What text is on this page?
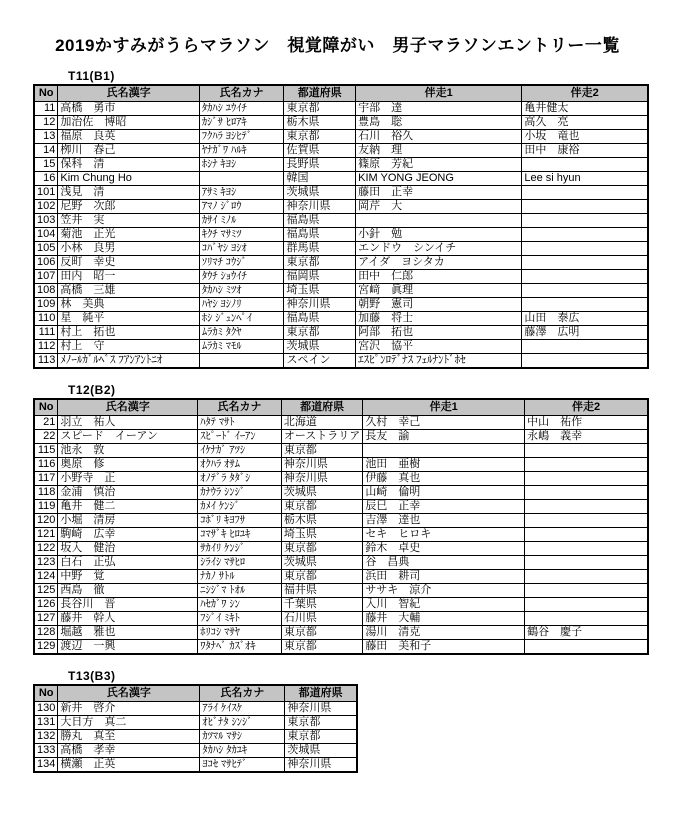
2019かすみがうらマラソン　視覚障がい　男子マラソンエントリー一覧
T11(B1)
No	氏名漢字	氏名カナ	都道府県	伴走1	伴走2
11	高橋　勇市	ﾀｶﾊｼ ﾕｳｲﾁ	東京都	宇部　達	亀井健太
12	加治佐　博昭	ｶｼﾞｻ ﾋﾛｱｷ	栃木県	豊島　聡	高久　亮
13	福原　良英	ﾌｸﾊﾗ ﾖｼﾋﾃﾞ	東京都	石川　裕久	小坂　竜也
14	栁川　春己	ﾔﾅｶﾞﾜ ﾊﾙｷ	佐賀県	友納　理	田中　康裕
15	保科　清	ﾎｼﾅ ｷﾖｼ	長野県	篠原　芳紀	
16	Kim Chung Ho		韓国	KIM YONG JEONG	Lee si hyun
101	浅見　清	ｱｻﾐ ｷﾖｼ	茨城県	藤田　正幸	
102	尼野　次郎	ｱﾏﾉ ｼﾞﾛｳ	神奈川県	岡芹　大	
103	笠井　実	ｶｻｲ ﾐﾉﾙ	福島県		
104	菊池　正光	ｷｸﾁ ﾏｻﾐﾂ	福島県	小針　勉	
105	小林　良男	ｺﾊﾞﾔｼ ﾖｼｵ	群馬県	エンドウ　シンイチ	
106	反町　幸史	ｿﾘﾏﾁ ｺｳｼﾞ	東京都	アイダ　ヨシタカ	
107	田内　昭一	ﾀｳﾁ ｼｮｳｲﾁ	福岡県	田中　仁郎	
108	高橋　三雄	ﾀｶﾊｼ ﾐﾂｵ	埼玉県	宮﨑　眞理	
109	林　美典	ﾊﾔｼ ﾖｼﾉﾘ	神奈川県	朝野　憲司	
110	星　純平	ﾎｼ ｼﾞｭﾝﾍﾟｲ	福島県	加藤　将士	山田　泰広
111	村上　拓也	ﾑﾗｶﾐ ﾀｸﾔ	東京都	阿部　拓也	藤澤　広明
112	村上　守	ﾑﾗｶﾐ ﾏﾓﾙ	茨城県	宮沢　協平	
113	ﾒﾉｰﾙｶﾞﾙﾍﾞｽ ﾌｱﾝｱﾝﾄﾆｵ		スペイン	ｴｽﾋﾟﾝﾛﾃﾞﾅｽ ﾌｪﾙﾅﾝﾄﾞﾎｾ	
T12(B2)
No	氏名漢字	氏名カナ	都道府県	伴走1	伴走2
21	羽立　祐人	ﾊﾀﾃ ﾏｻﾄ	北海道	久村　幸己	中山　祐作
22	スピード　イーアン	ｽﾋﾟｰﾄﾞ ｲｰｱﾝ	オーストラリア	長友　諭	永嶋　義幸
115	池永　敦	ｲｹﾅｶﾞ ｱﾂｼ	東京都		
116	奥原　修	ｵｸﾊﾗ ｵｻﾑ	神奈川県	池田　亜樹	
117	小野寺　正	ｵﾉﾃﾞﾗ ﾀﾀﾞｼ	神奈川県	伊藤　真也	
118	金浦　慎治	ｶﾅｳﾗ ｼﾝｼﾞ	茨城県	山崎　倫明	
119	亀井　健二	ｶﾒｲ ｹﾝｼﾞ	東京都	辰巳　正幸	
120	小堀　清房	ｺﾎﾞﾘ ｷﾖﾌｻ	栃木県	吉澤　達也	
121	駒崎　広幸	ｺﾏｻﾞｷ ﾋﾛﾕｷ	埼玉県	セキ　ヒロキ	
122	坂入　健治	ｻｶｲﾘ ｹﾝｼﾞ	東京都	鈴木　卓史	
123	白石　正弘	ｼﾗｲｼ ﾏｻﾋﾛ	茨城県	谷　昌典	
124	中野　覚	ﾅｶﾉ ｻﾄﾙ	東京都	浜田　耕司	
125	西島　徹	ﾆｼｼﾞﾏ ﾄｵﾙ	福井県	ササキ　涼介	
126	長谷川　晋	ﾊｾｶﾞﾜ ｼﾝ	千葉県	入川　智紀	
127	藤井　幹人	ﾌｼﾞｲ ﾐｷﾄ	石川県	藤井　大輔	
128	堀越　雅也	ﾎﾘｺｼ ﾏｻﾔ	東京都	湯川　清克	鶴谷　慶子
129	渡辺　一興	ﾜﾀﾅﾍﾞ ｶｽﾞｵｷ	東京都	藤田　美和子	
T13(B3)
No	氏名漢字	氏名カナ	都道府県
130	新井　啓介	ｱﾗｲ ｹｲｽｹ	神奈川県
131	大日方　真二	ｵﾋﾞﾅﾀ ｼﾝｼﾞ	東京都
132	勝丸　真至	ｶﾂﾏﾙ ﾏｻｼ	東京都
133	高橋　孝幸	ﾀｶﾊｼ ﾀｶﾕｷ	茨城県
134	横瀬　正英	ﾖｺｾ ﾏｻﾋﾃﾞ	神奈川県
